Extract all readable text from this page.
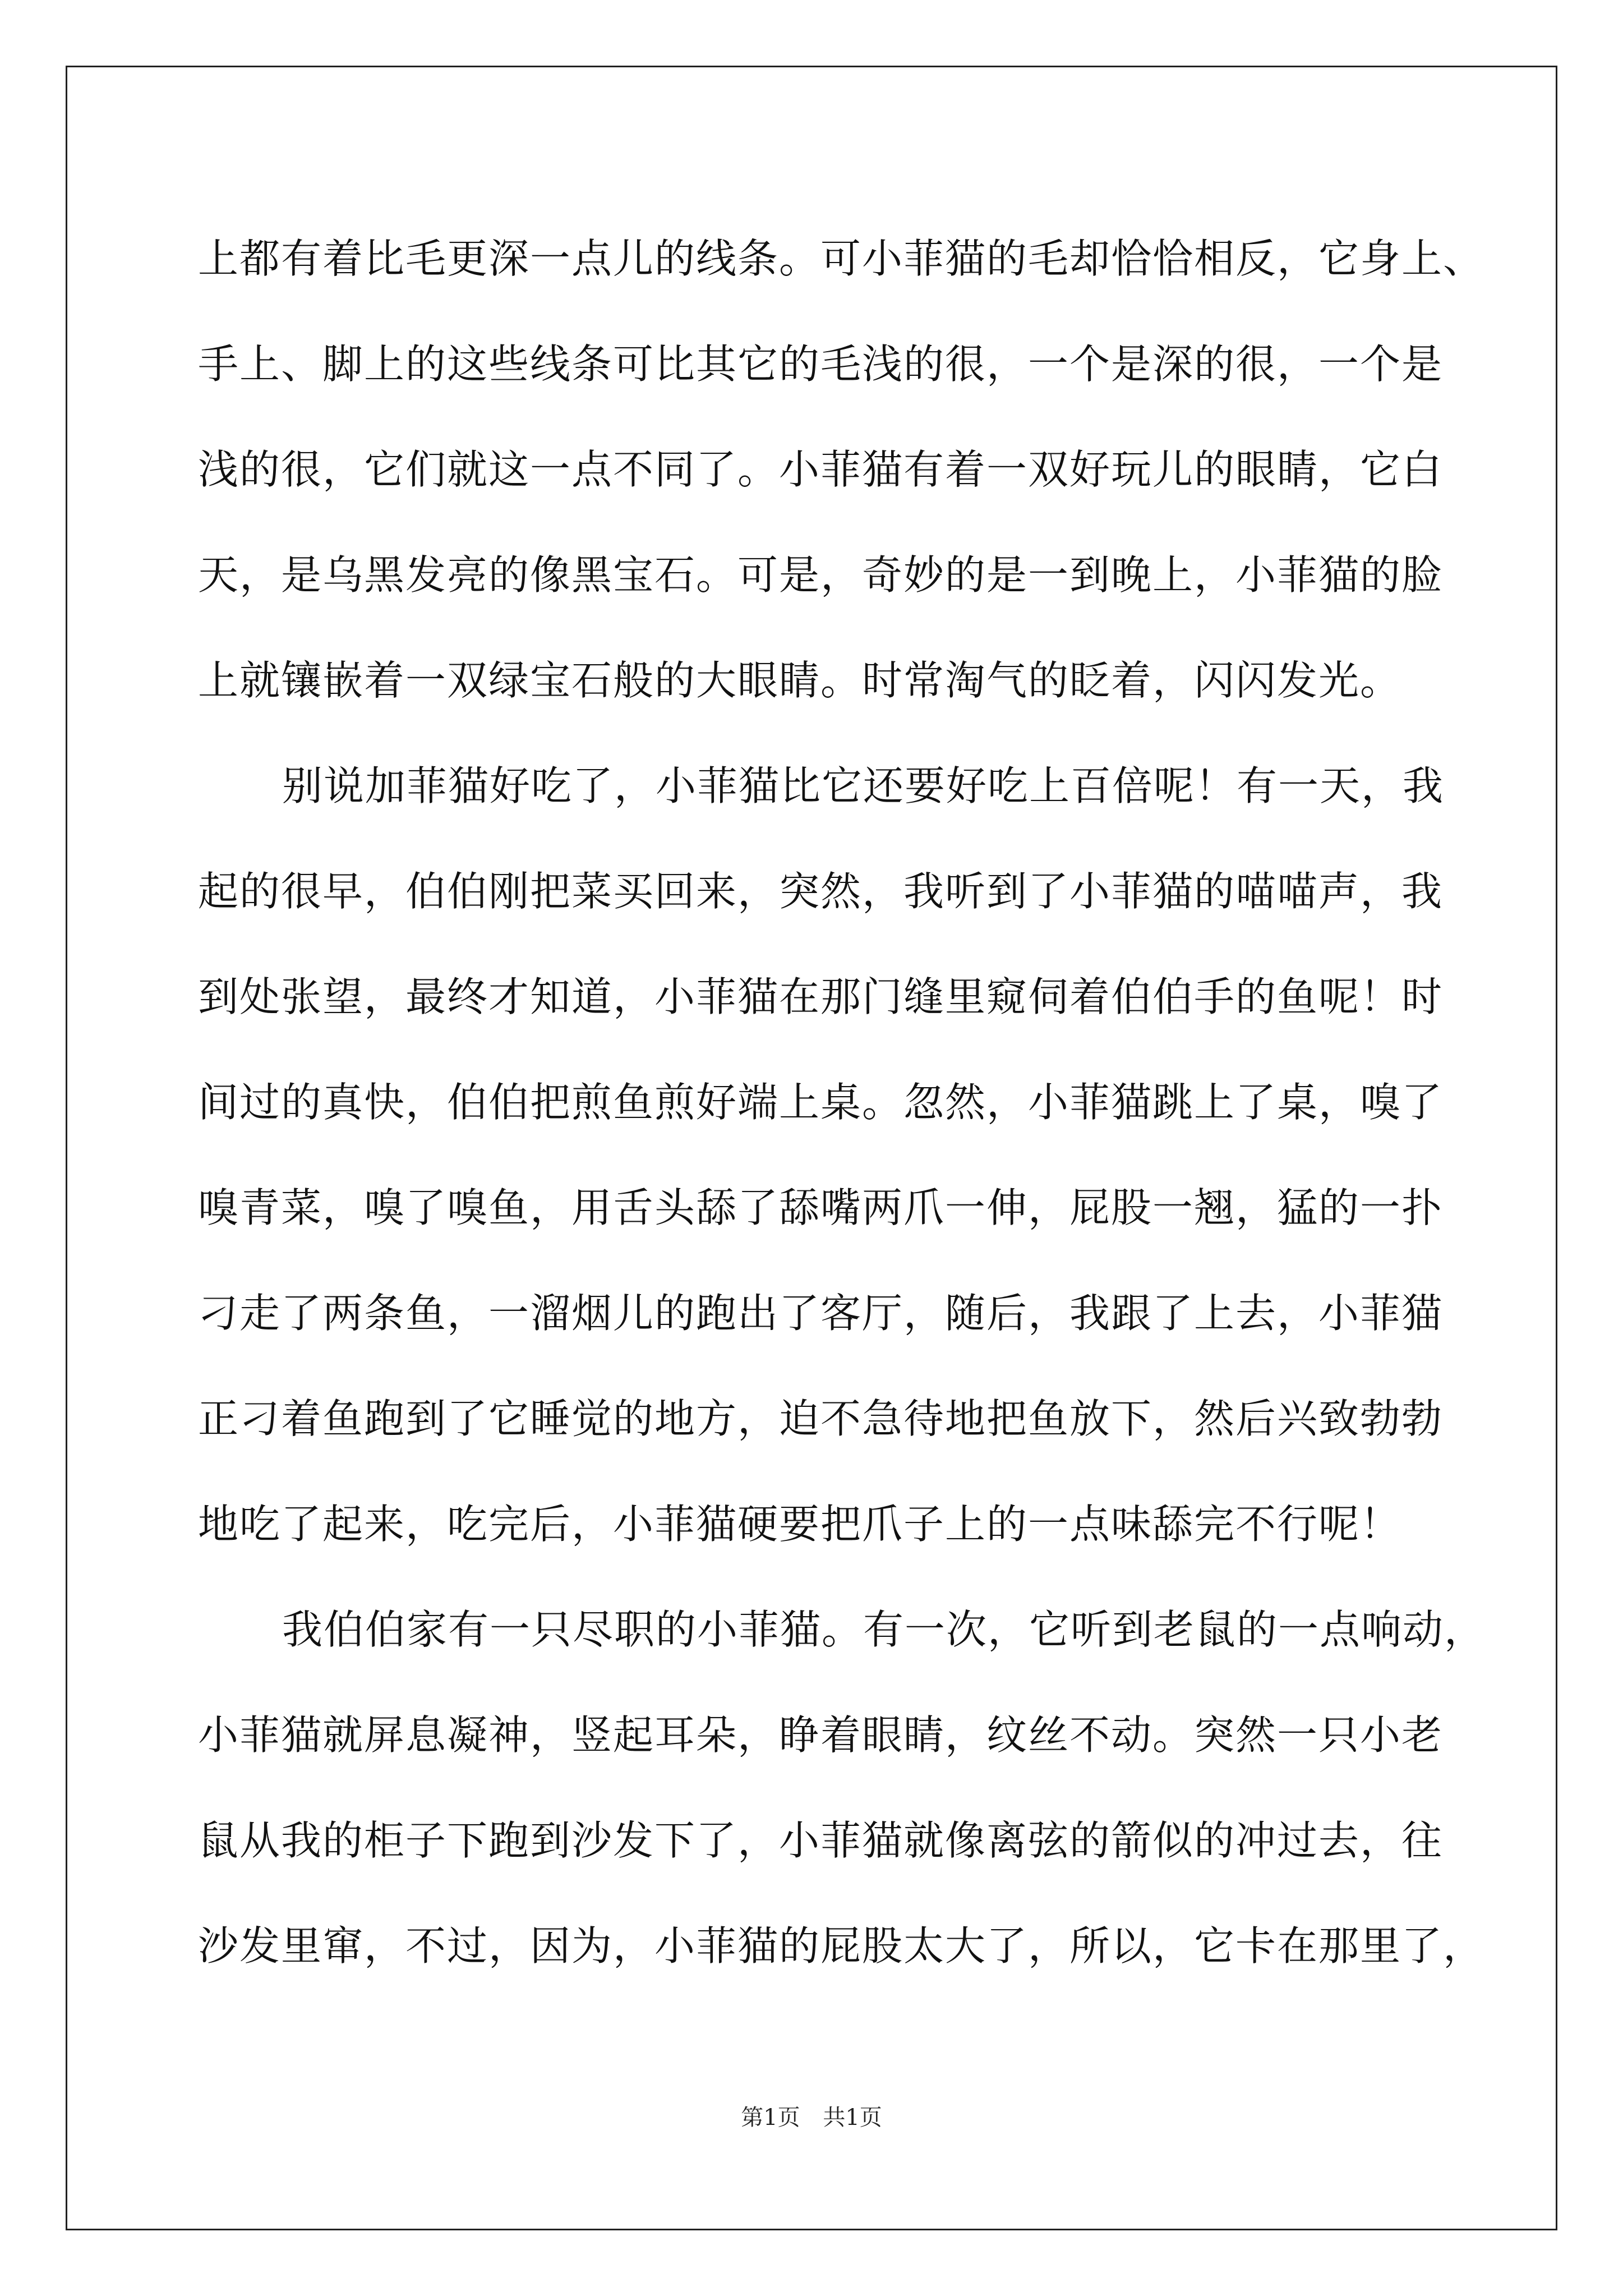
上都有着比毛更深一点儿的线条。可小菲猫的毛却恰恰相反，它身上、
手上、脚上的这些线条可比其它的毛浅的很，一个是深的很，一个是
浅的很，它们就这一点不同了。小菲猫有着一双好玩儿的眼睛，它白
天，是乌黑发亮的像黑宝石。可是，奇妙的是一到晚上，小菲猫的脸
上就镶嵌着一双绿宝石般的大眼睛。时常淘气的眨着，闪闪发光。
别说加菲猫好吃了，小菲猫比它还要好吃上百倍呢！有一天，我
起的很早，伯伯刚把菜买回来，突然，我听到了小菲猫的喵喵声，我
到处张望，最终才知道，小菲猫在那门缝里窥伺着伯伯手的鱼呢！时
间过的真快，伯伯把煎鱼煎好端上桌。忽然，小菲猫跳上了桌，嗅了
嗅青菜，嗅了嗅鱼，用舌头舔了舔嘴两爪一伸，屁股一翘，猛的一扑
刁走了两条鱼，一溜烟儿的跑出了客厅，随后，我跟了上去，小菲猫
正刁着鱼跑到了它睡觉的地方，迫不急待地把鱼放下，然后兴致勃勃
地吃了起来，吃完后，小菲猫硬要把爪子上的一点味舔完不行呢！
我伯伯家有一只尽职的小菲猫。有一次，它听到老鼠的一点响动，
小菲猫就屏息凝神，竖起耳朵，睁着眼睛，纹丝不动。突然一只小老
鼠从我的柜子下跑到沙发下了，小菲猫就像离弦的箭似的冲过去，往
沙发里窜，不过，因为，小菲猫的屁股太大了，所以，它卡在那里了，
第1页 共1页
